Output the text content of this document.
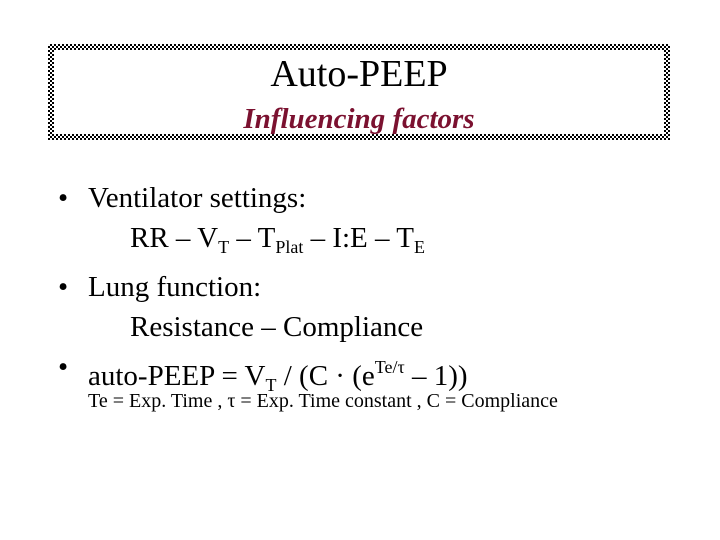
Auto-PEEP
Influencing factors
• Ventilator settings:
RR – $V_T - T_{Plat}$ – I:E – $T_E$
• Lung function:
Resistance – Compliance
• auto-PEEP = $V_T / (C \cdot (e^{Te/\tau} - 1))$
Te = Exp. Time , τ = Exp. Time constant , C = Compliance
